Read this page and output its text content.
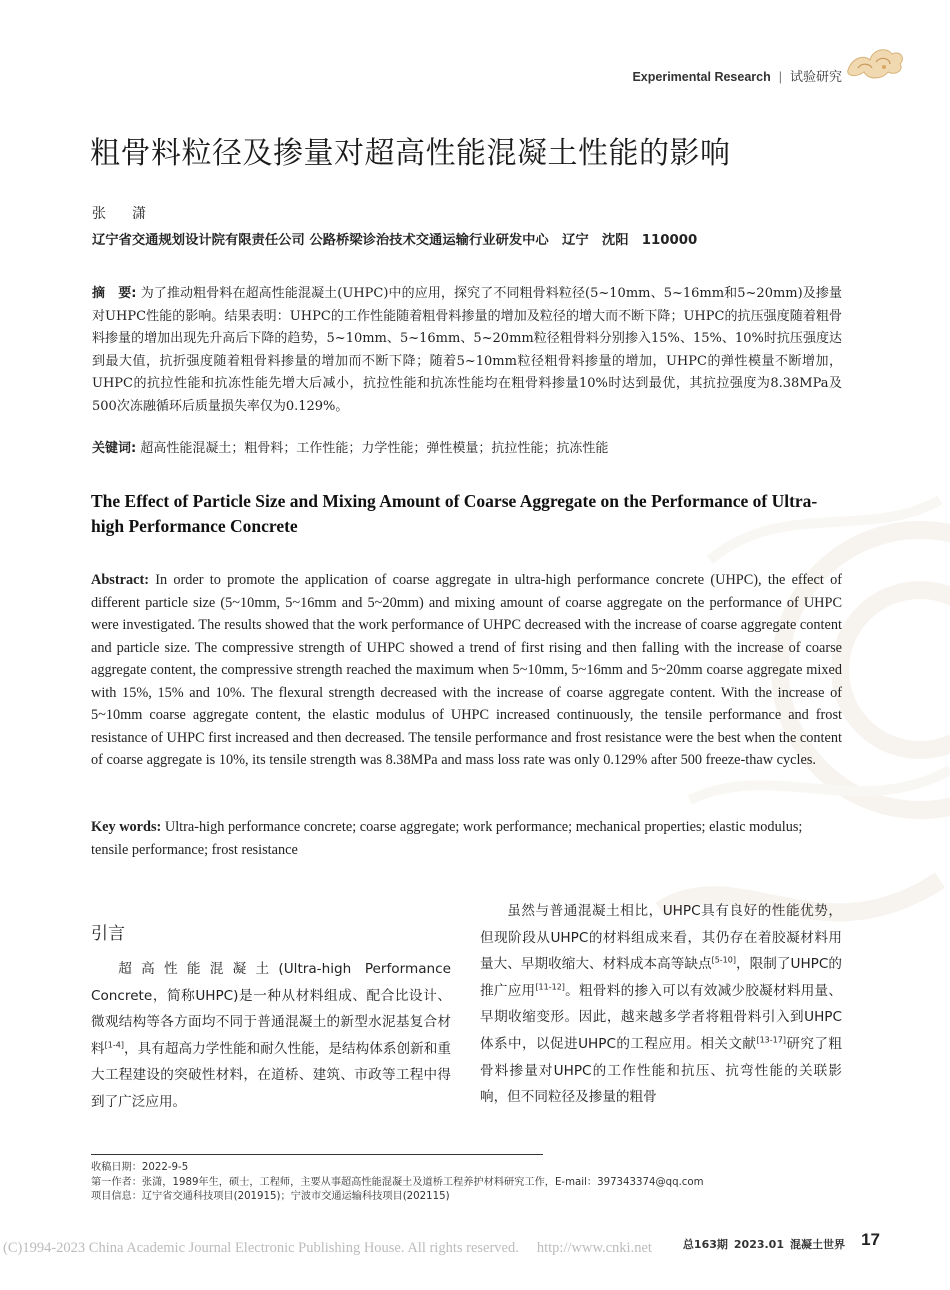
Experimental Research | 试验研究
粗骨料粒径及掺量对超高性能混凝土性能的影响
张　潇
辽宁省交通规划设计院有限责任公司 公路桥梁诊治技术交通运输行业研发中心　辽宁　沈阳　110000
摘　要: 为了推动粗骨料在超高性能混凝土(UHPC)中的应用，探究了不同粗骨料粒径(5~10mm、5~16mm和5~20mm)及掺量对UHPC性能的影响。结果表明：UHPC的工作性能随着粗骨料掺量的增加及粒径的增大而不断下降；UHPC的抗压强度随着粗骨料掺量的增加出现先升高后下降的趋势，5~10mm、5~16mm、5~20mm粒径粗骨料分别掺入15%、15%、10%时抗压强度达到最大值，抗折强度随着粗骨料掺量的增加而不断下降；随着5~10mm粒径粗骨料掺量的增加，UHPC的弹性模量不断增加，UHPC的抗拉性能和抗冻性能先增大后减小，抗拉性能和抗冻性能均在粗骨料掺量10%时达到最优，其抗拉强度为8.38MPa及500次冻融循环后质量损失率仅为0.129%。
关键词: 超高性能混凝土；粗骨料；工作性能；力学性能；弹性模量；抗拉性能；抗冻性能
The Effect of Particle Size and Mixing Amount of Coarse Aggregate on the Performance of Ultra-high Performance Concrete
Abstract: In order to promote the application of coarse aggregate in ultra-high performance concrete (UHPC), the effect of different particle size (5~10mm, 5~16mm and 5~20mm) and mixing amount of coarse aggregate on the performance of UHPC were investigated. The results showed that the work performance of UHPC decreased with the increase of coarse aggregate content and particle size. The compressive strength of UHPC showed a trend of first rising and then falling with the increase of coarse aggregate content, the compressive strength reached the maximum when 5~10mm, 5~16mm and 5~20mm coarse aggregate mixed with 15%, 15% and 10%. The flexural strength decreased with the increase of coarse aggregate content. With the increase of 5~10mm coarse aggregate content, the elastic modulus of UHPC increased continuously, the tensile performance and frost resistance of UHPC first increased and then decreased. The tensile performance and frost resistance were the best when the content of coarse aggregate is 10%, its tensile strength was 8.38MPa and mass loss rate was only 0.129% after 500 freeze-thaw cycles.
Key words: Ultra-high performance concrete; coarse aggregate; work performance; mechanical properties; elastic modulus; tensile performance; frost resistance
引言

超高性能混凝土(Ultra-high Performance Concrete，简称UHPC)是一种从材料组成、配合比设计、微观结构等各方面均不同于普通混凝土的新型水泥基复合材料[1-4]，具有超高力学性能和耐久性能，是结构体系创新和重大工程建设的突破性材料，在道桥、建筑、市政等工程中得到了广泛应用。

虽然与普通混凝土相比，UHPC具有良好的性能优势，但现阶段从UHPC的材料组成来看，其仍存在着胶凝材料用量大、早期收缩大、材料成本高等缺点[5-10]，限制了UHPC的推广应用[11-12]。粗骨料的掺入可以有效减少胶凝材料用量、早期收缩变形。因此，越来越多学者将粗骨料引入到UHPC体系中，以促进UHPC的工程应用。相关文献[13-17]研究了粗骨料掺量对UHPC的工作性能和抗压、抗弯性能的关联影响，但不同粒径及掺量的粗骨

收稿日期：2022-9-5
第一作者：张潇，1989年生，硕士，工程师，主要从事超高性能混凝土及道桥工程养护材料研究工作，E-mail：397343374@qq.com
项目信息：辽宁省交通科技项目(201915)；宁波市交通运输科技项目(202115)
总163期 2023.01 混凝土世界 17
(C)1994-2023 China Academic Journal Electronic Publishing House. All rights reserved. http://www.cnki.net
